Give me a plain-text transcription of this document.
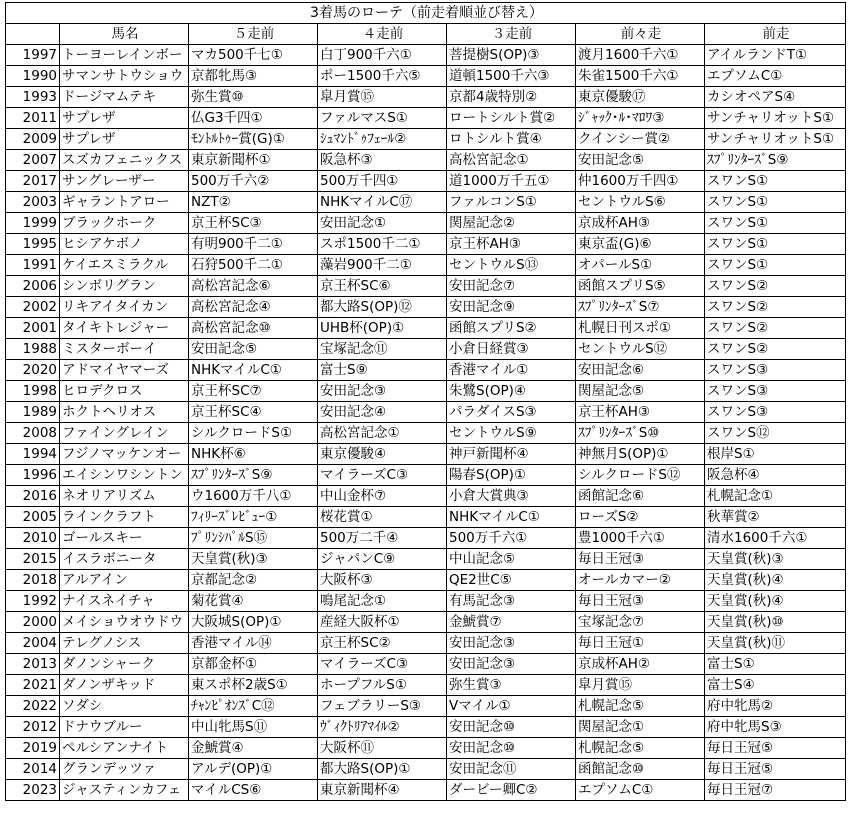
3着馬のローテ（前走着順並び替え）						
	馬名	５走前	４走前	３走前	前々走	前走
1997	トーヨーレインボー	マカ500千七①	白丁900千六①	菩提樹S(OP)③	渡月1600千六①	アイルランドT①
1990	サマンサトウショウ	京都牝馬③	ポー1500千六⑤	道頓1500千六③	朱雀1500千六①	エプソムC①
1993	ドージマムテキ	弥生賞⑩	皐月賞⑮	京都4歳特別②	東京優駿⑰	カシオペアS④
2011	サプレザ	仏G3千四①	ファルマスS①	ロートシルト賞②	ｼﾞｬｯｸ･ﾙ･ﾏﾛﾜ③	サンチャリオットS①
2009	サプレザ	ﾓﾝﾄﾙﾄｩｰ賞(G)①	ｼｭﾏﾝﾄﾞｩﾌｪｰﾙ②	ロトシルト賞④	クインシー賞②	サンチャリオットS①
2007	スズカフェニックス	東京新聞杯①	阪急杯③	高松宮記念①	安田記念⑤	ｽﾌﾟﾘﾝﾀｰｽﾞS⑨
2017	サングレーザー	500万千六②	500万千四①	道1000万千五①	仲1600万千四①	スワンS①
2003	ギャラントアロー	NZT②	NHKマイルC⑰	ファルコンS①	セントウルS⑥	スワンS①
1999	ブラックホーク	京王杯SC③	安田記念①	関屋記念②	京成杯AH③	スワンS①
1995	ヒシアケボノ	有明900千二①	スポ1500千二①	京王杯AH③	東京盃(G)⑥	スワンS①
1991	ケイエスミラクル	石狩500千二①	藻岩900千二①	セントウルS⑬	オパールS①	スワンS①
2006	シンボリグラン	高松宮記念⑥	京王杯SC⑥	安田記念⑦	函館スプリS⑤	スワンS②
2002	リキアイタイカン	高松宮記念④	都大路S(OP)⑫	安田記念⑨	ｽﾌﾟﾘﾝﾀｰｽﾞS⑦	スワンS②
2001	タイキトレジャー	高松宮記念⑩	UHB杯(OP)①	函館スプリS②	札幌日刊スポ①	スワンS②
1988	ミスターボーイ	安田記念⑤	宝塚記念⑪	小倉日経賞③	セントウルS⑫	スワンS②
2020	アドマイヤマーズ	NHKマイルC①	富士S⑨	香港マイル①	安田記念⑥	スワンS③
1998	ヒロデクロス	京王杯SC⑦	安田記念③	朱鷺S(OP)④	関屋記念⑤	スワンS③
1989	ホクトヘリオス	京王杯SC④	安田記念④	パラダイスS③	京王杯AH③	スワンS③
2008	ファイングレイン	シルクロードS①	高松宮記念①	セントウルS⑨	ｽﾌﾟﾘﾝﾀｰｽﾞS⑩	スワンS⑫
1994	フジノマッケンオー	NHK杯⑥	東京優駿④	神戸新聞杯④	神無月S(OP)①	根岸S①
1996	エイシンワシントン	ｽﾌﾟﾘﾝﾀｰｽﾞS⑨	マイラーズC③	陽春S(OP)①	シルクロードS⑫	阪急杯④
2016	ネオリアリズム	ウ1600万千八①	中山金杯⑦	小倉大賞典③	函館記念⑥	札幌記念①
2005	ラインクラフト	ﾌｨﾘｰｽﾞﾚﾋﾞｭｰ①	桜花賞①	NHKマイルC①	ローズS②	秋華賞②
2010	ゴールスキー	ﾌﾟﾘﾝｼﾊﾟﾙS⑮	500万二千④	500万千六①	豊1000千六①	清水1600千六①
2015	イスラボニータ	天皇賞(秋)③	ジャパンC⑨	中山記念⑤	毎日王冠③	天皇賞(秋)③
2018	アルアイン	京都記念②	大阪杯③	QE2世C⑤	オールカマー②	天皇賞(秋)④
1992	ナイスネイチャ	菊花賞④	鳴尾記念①	有馬記念③	毎日王冠③	天皇賞(秋)④
2000	メイショウオウドウ	大阪城S(OP)①	産経大阪杯①	金鯱賞⑦	宝塚記念⑦	天皇賞(秋)⑩
2004	テレグノシス	香港マイル⑭	京王杯SC②	安田記念③	毎日王冠①	天皇賞(秋)⑪
2013	ダノンシャーク	京都金杯①	マイラーズC③	安田記念③	京成杯AH②	富士S①
2021	ダノンザキッド	東スポ杯2歳S①	ホープフルS①	弥生賞③	皐月賞⑮	富士S④
2022	ソダシ	ﾁｬﾝﾋﾟｵﾝｽﾞC⑫	フェブラリーS③	Vマイル①	札幌記念⑤	府中牝馬②
2012	ドナウブルー	中山牝馬S⑪	ｳﾞｨｸﾄﾘｱﾏｲﾙ②	安田記念⑩	関屋記念①	府中牝馬S③
2019	ペルシアンナイト	金鯱賞④	大阪杯⑪	安田記念⑩	札幌記念⑤	毎日王冠⑤
2014	グランデッツァ	アルデ(OP)①	都大路S(OP)①	安田記念⑪	函館記念⑩	毎日王冠⑤
2023	ジャスティンカフェ	マイルCS⑥	東京新聞杯④	ダービー卿C②	エプソムC①	毎日王冠⑦
